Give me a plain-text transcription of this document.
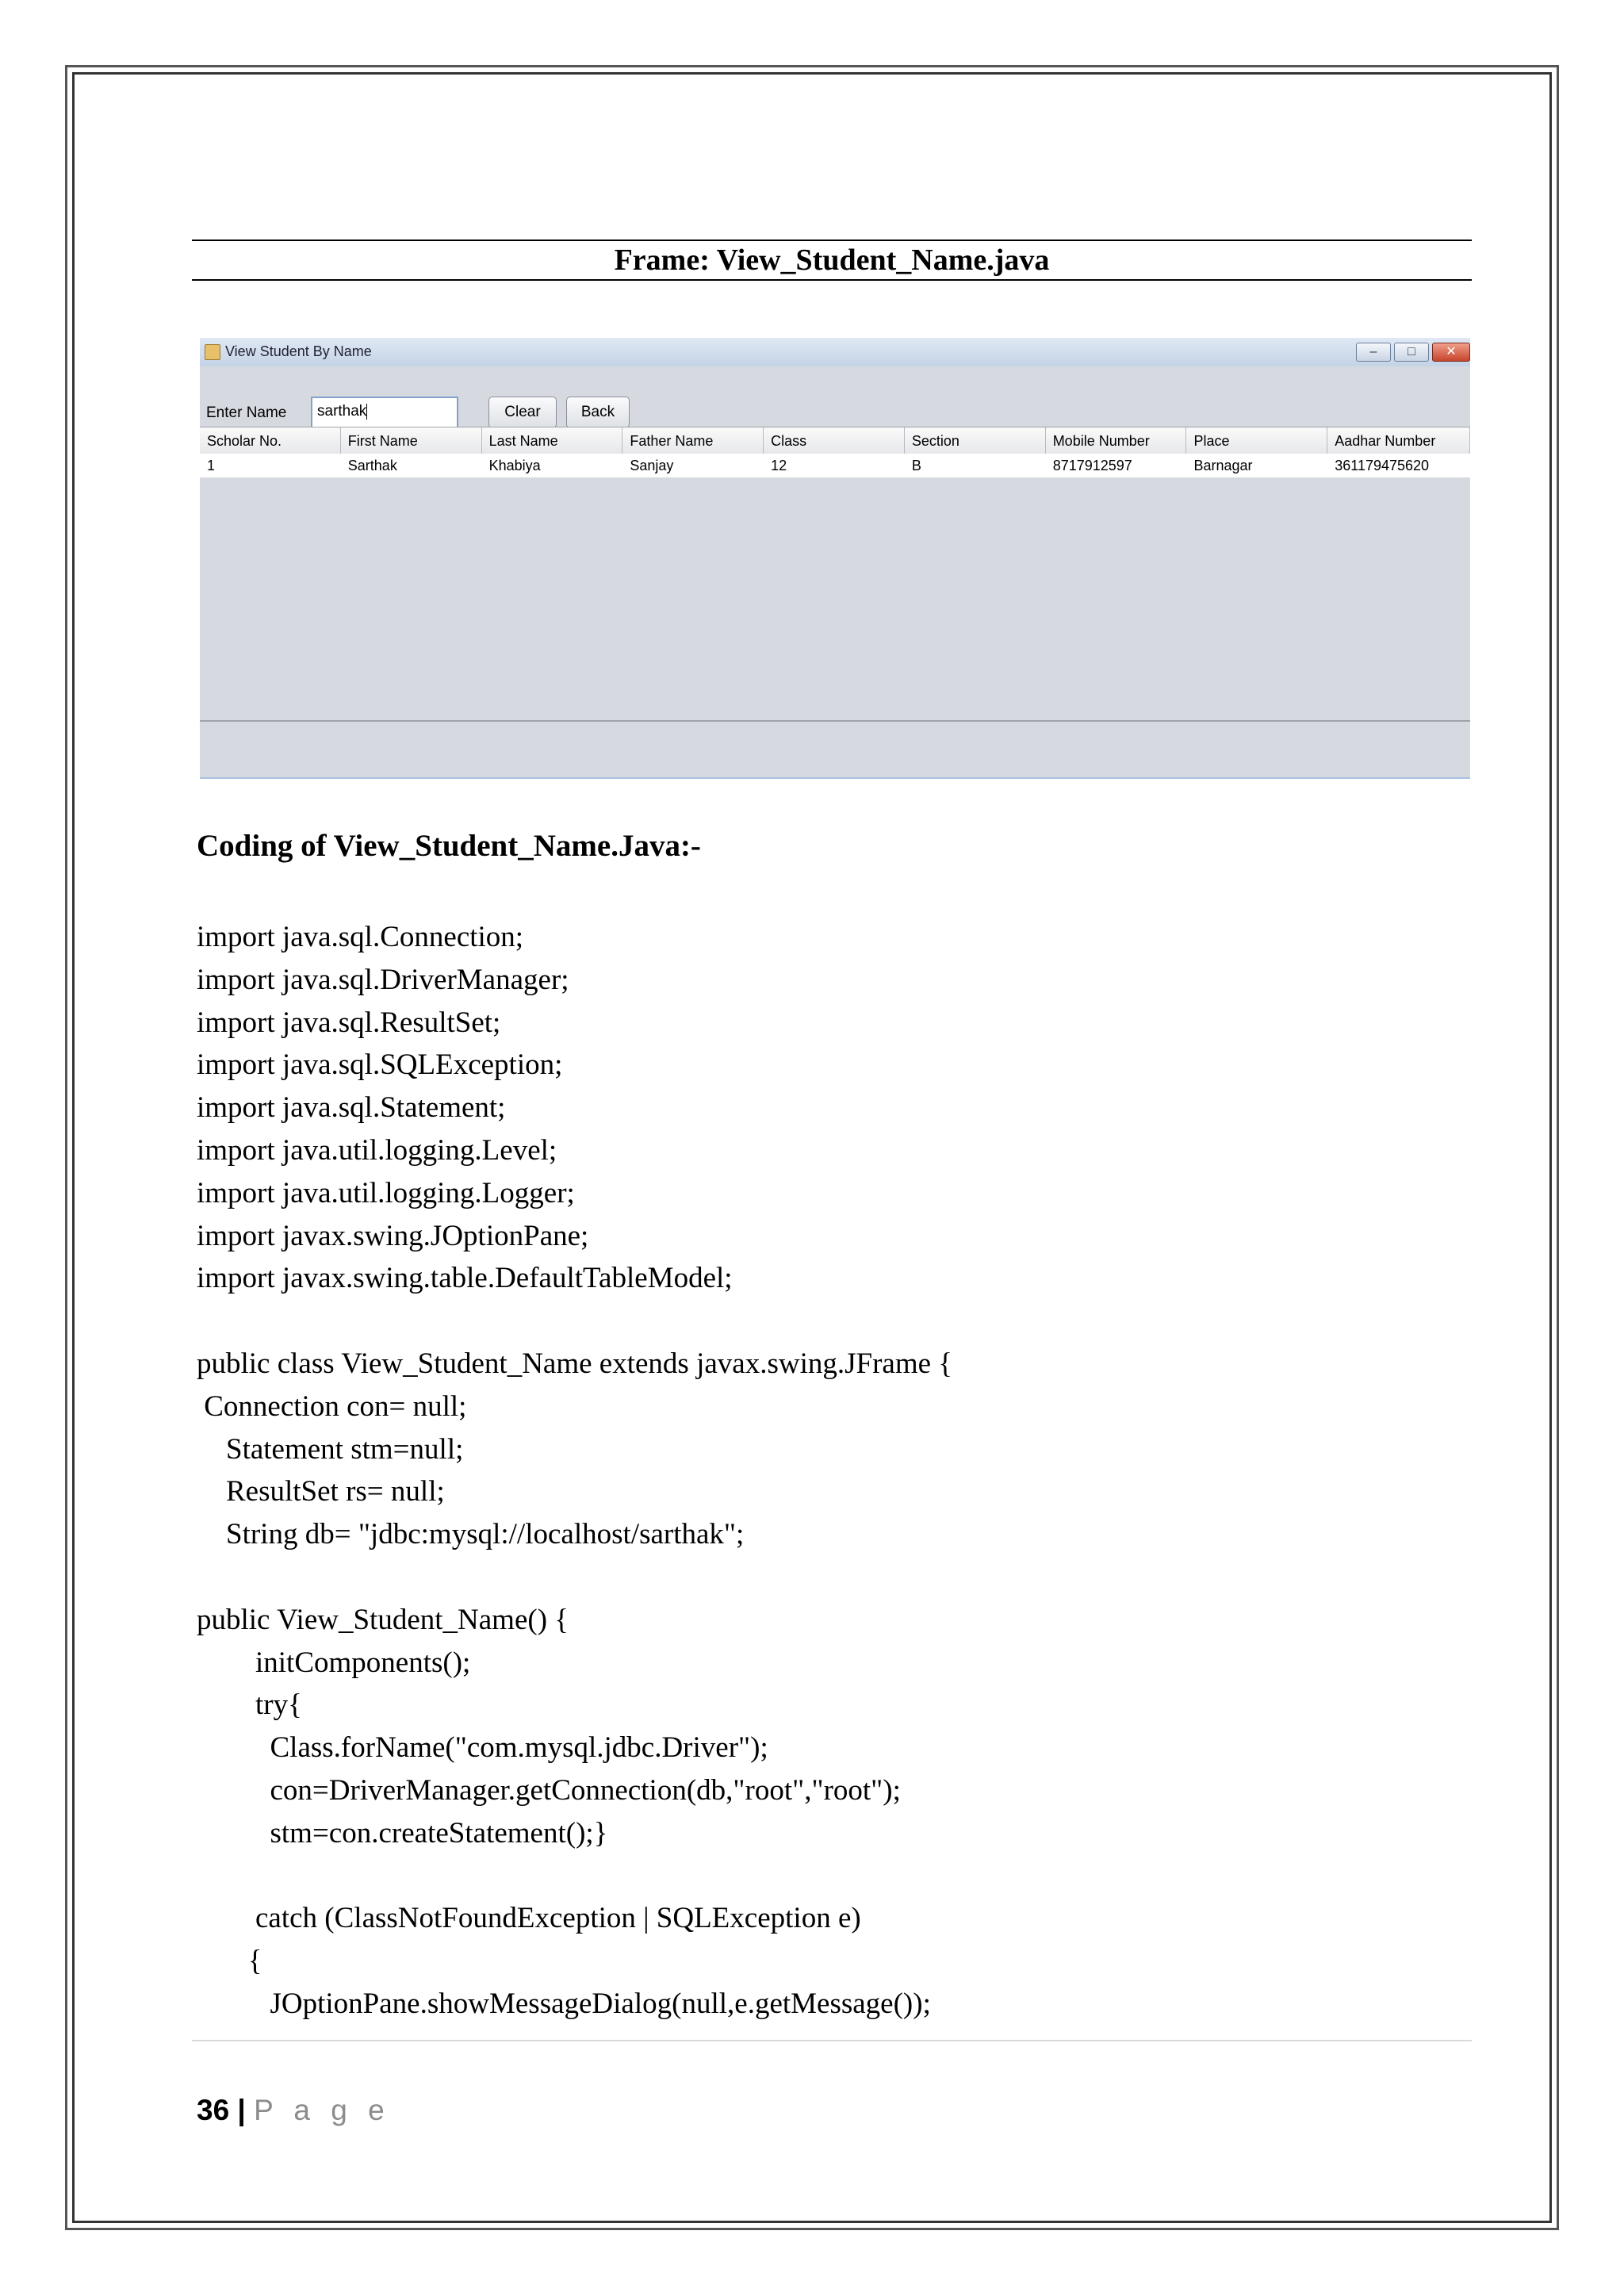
Frame: View_Student_Name.java
View Student By Name	–	□	✕
Enter Name	sarthak	Clear	Back
Scholar No.	First Name	Last Name	Father Name	Class	Section	Mobile Number	Place	Aadhar Number
1	Sarthak	Khabiya	Sanjay	12	B	8717912597	Barnagar	361179475620
Coding of View_Student_Name.Java:-
import java.sql.Connection;
import java.sql.DriverManager;
import java.sql.ResultSet;
import java.sql.SQLException;
import java.sql.Statement;
import java.util.logging.Level;
import java.util.logging.Logger;
import javax.swing.JOptionPane;
import javax.swing.table.DefaultTableModel;
public class View_Student_Name extends javax.swing.JFrame {
Connection con= null;
Statement stm=null;
ResultSet rs= null;
String db= "jdbc:mysql://localhost/sarthak";
public View_Student_Name() {
initComponents();
try{
Class.forName("com.mysql.jdbc.Driver");
con=DriverManager.getConnection(db,"root","root");
stm=con.createStatement();}
catch (ClassNotFoundException | SQLException e)
{
JOptionPane.showMessageDialog(null,e.getMessage());
36 | P a g e
